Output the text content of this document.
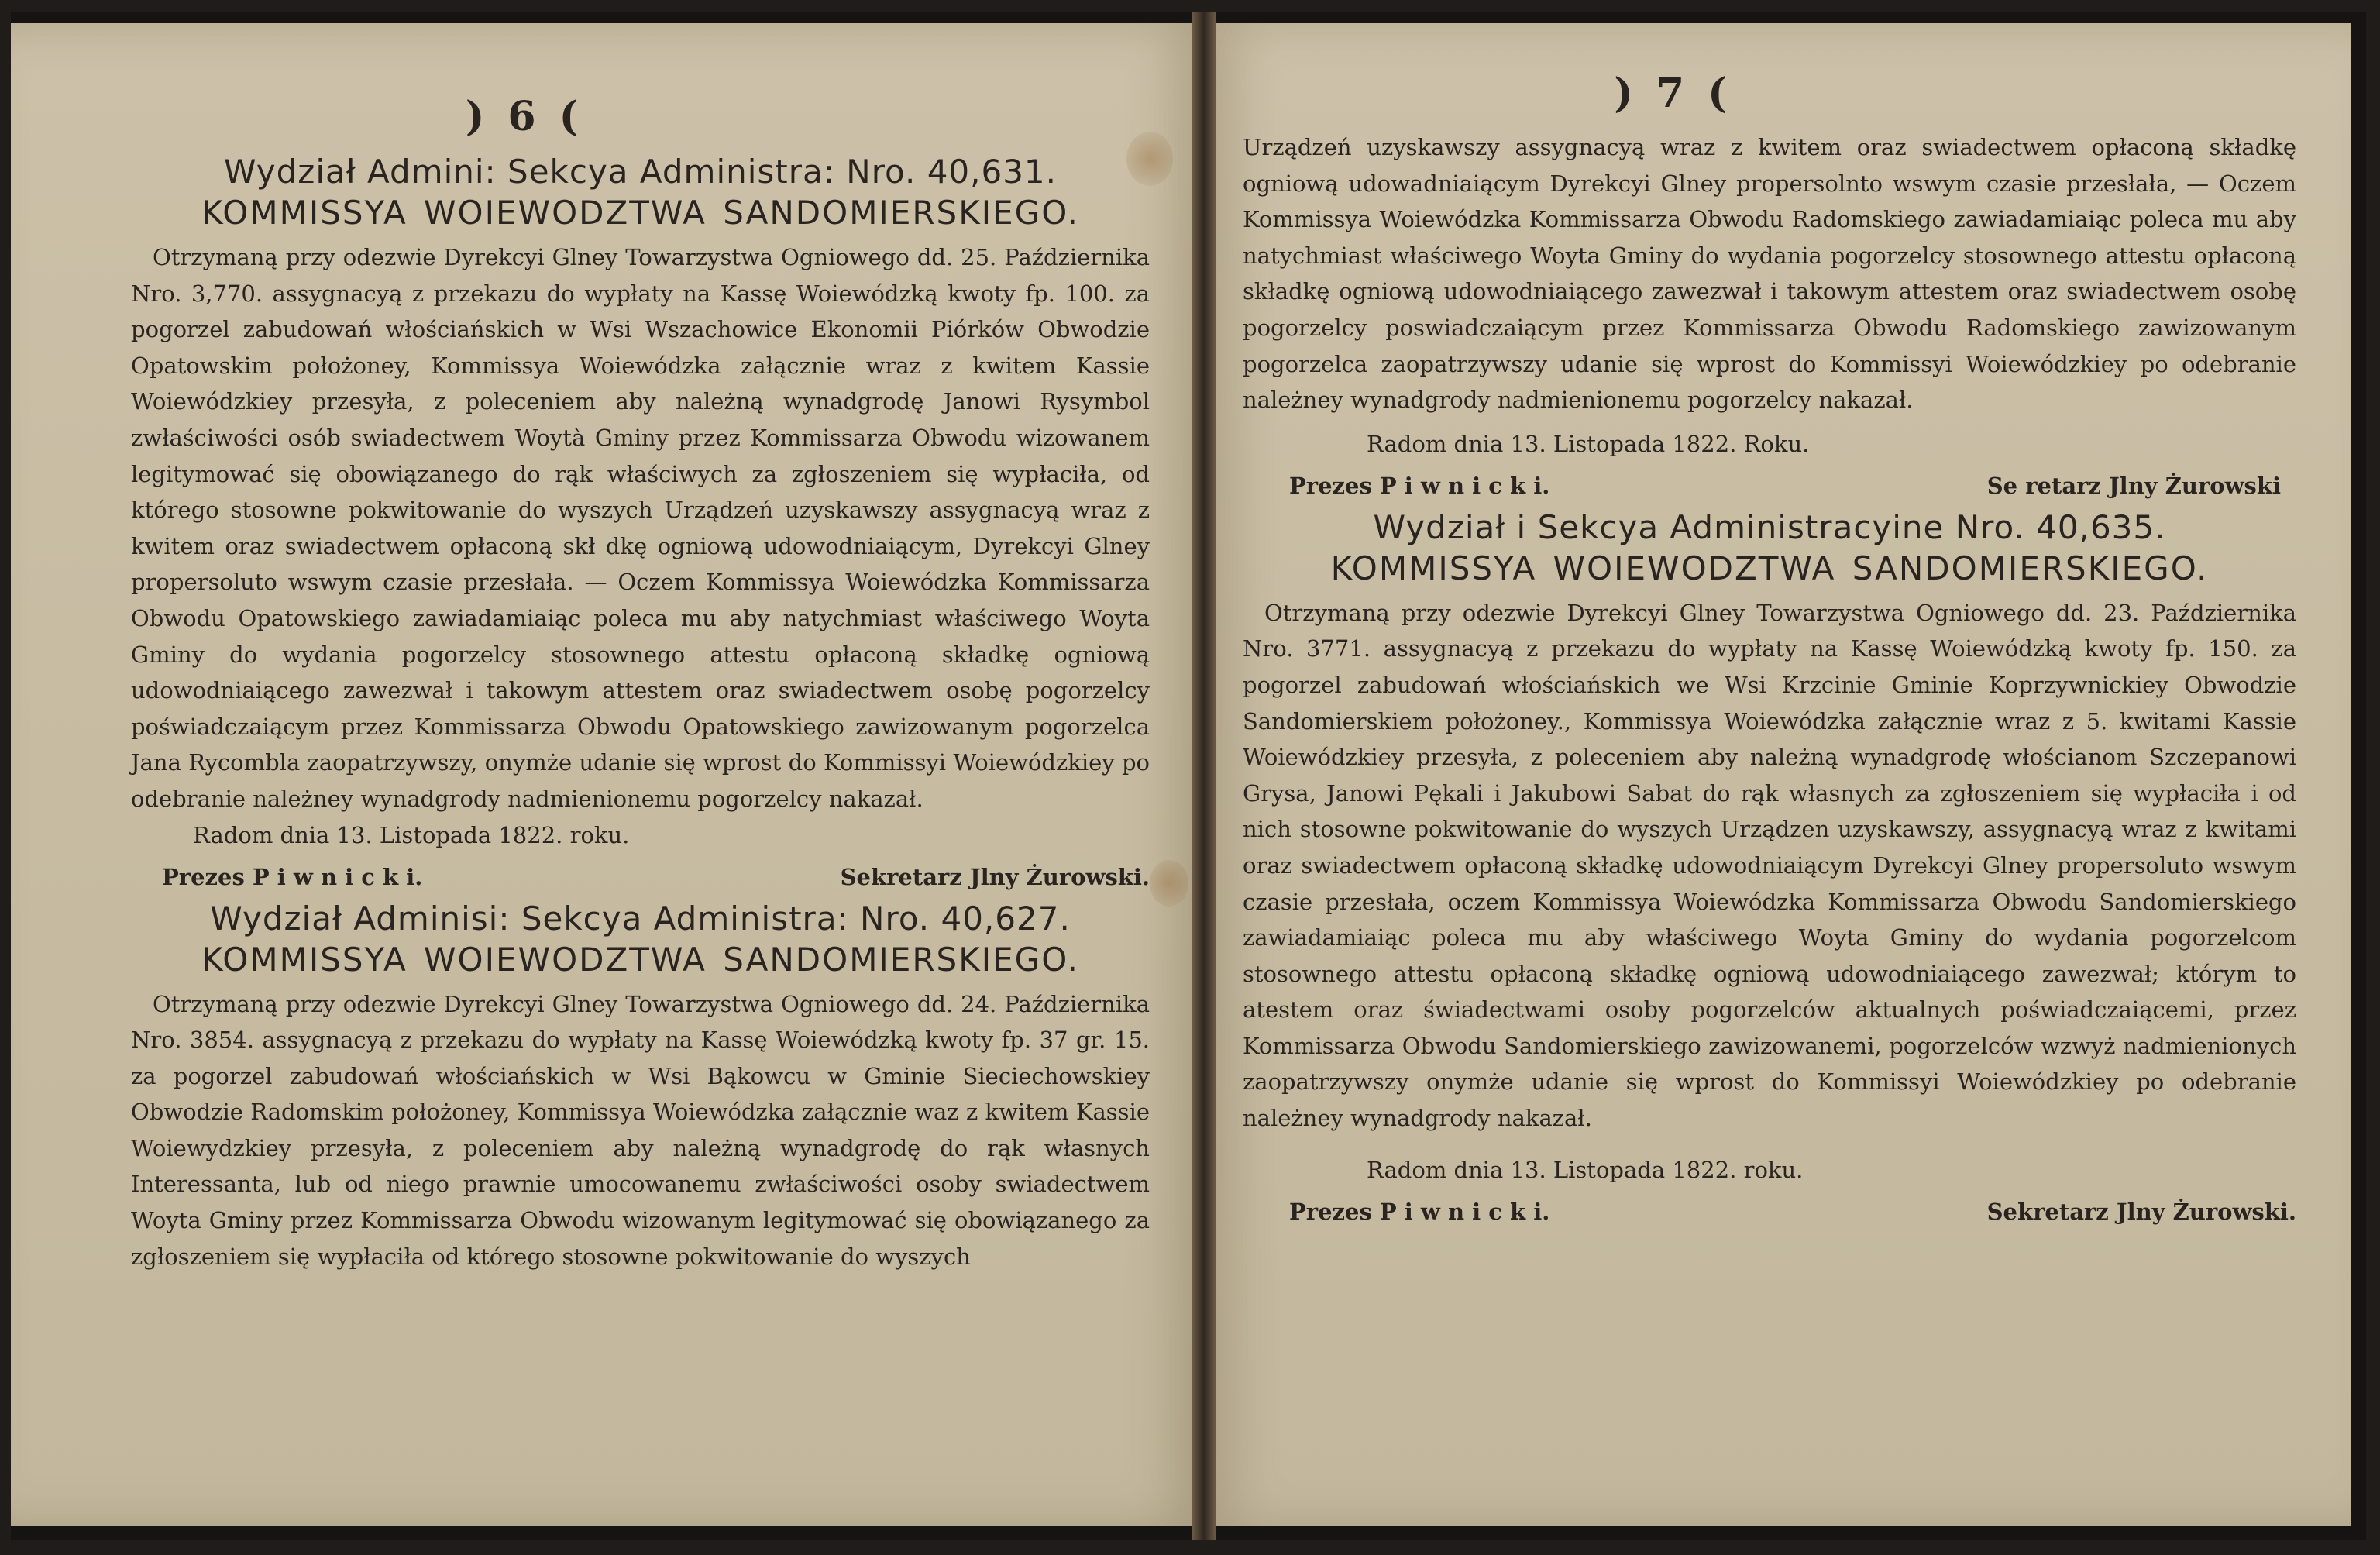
) 6 (
Wydział Admini: Sekcya Administra: Nro. 40,631.
KOMMISSYA WOIEWODZTWA SANDOMIERSKIEGO.
Otrzymaną przy odezwie Dyrekcyi Glney Towarzystwa Ogniowego dd. 25. Października Nro. 3,770. assygnacyą z przekazu do wypłaty na Kassę Woiewódzką kwoty fp. 100. za pogorzel zabudowań włościańskich w Wsi Wszachowice Ekonomii Piórków Obwodzie Opatowskim położoney, Kommissya Woiewódzka załącznie wraz z kwitem Kassie Woiewódzkiey przesyła, z poleceniem aby należną wynadgrodę Janowi Rysymbol zwłaściwości osób swiadectwem Woytà Gminy przez Kommissarza Obwodu wizowanem legitymować się obowiązanego do rąk właściwych za zgłoszeniem się wypłaciła, od którego stosowne pokwitowanie do wyszych Urządzeń uzyskawszy assygnacyą wraz z kwitem oraz swiadectwem opłaconą skł dkę ogniową udowodniaiącym, Dyrekcyi Glney propersoluto wswym czasie przesłała. — Oczem Kommissya Woiewódzka Kommissarza Obwodu Opatowskiego zawiadamiaiąc poleca mu aby natychmiast właściwego Woyta Gminy do wydania pogorzelcy stosownego attestu opłaconą składkę ogniową udowodniaiącego zawezwał i takowym attestem oraz swiadectwem osobę pogorzelcy poświadczaiącym przez Kommissarza Obwodu Opatowskiego zawizowanym pogorzelca Jana Rycombla zaopatrzywszy, onymże udanie się wprost do Kommissyi Woiewódzkiey po odebranie należney wynadgrody nadmienionemu pogorzelcy nakazał.
Radom dnia 13. Listopada 1822. roku.
Prezes P i w n i c k i.	Sekretarz Jlny Żurowski.
Wydział Adminisi: Sekcya Administra: Nro. 40,627.
KOMMISSYA WOIEWODZTWA SANDOMIERSKIEGO.
Otrzymaną przy odezwie Dyrekcyi Glney Towarzystwa Ogniowego dd. 24. Października Nro. 3854. assygnacyą z przekazu do wypłaty na Kassę Woiewódzką kwoty fp. 37 gr. 15. za pogorzel zabudowań włościańskich w Wsi Bąkowcu w Gminie Sieciechowskiey Obwodzie Radomskim położoney, Kommissya Woiewódzka załącznie waz z kwitem Kassie Woiewydzkiey przesyła, z poleceniem aby należną wynadgrodę do rąk własnych Interessanta, lub od niego prawnie umocowanemu zwłaściwości osoby swiadectwem Woyta Gminy przez Kommissarza Obwodu wizowanym legitymować się obowiązanego za zgłoszeniem się wypłaciła od którego stosowne pokwitowanie do wyszych
) 7 (
Urządzeń uzyskawszy assygnacyą wraz z kwitem oraz swiadectwem opłaconą składkę ogniową udowadniaiącym Dyrekcyi Glney propersolnto wswym czasie przesłała, — Oczem Kommissya Woiewódzka Kommissarza Obwodu Radomskiego zawiadamiaiąc poleca mu aby natychmiast właściwego Woyta Gminy do wydania pogorzelcy stosownego attestu opłaconą składkę ogniową udowodniaiącego zawezwał i takowym attestem oraz swiadectwem osobę pogorzelcy poswiadczaiącym przez Kommissarza Obwodu Radomskiego zawizowanym pogorzelca zaopatrzywszy udanie się wprost do Kommissyi Woiewódzkiey po odebranie należney wynadgrody nadmienionemu pogorzelcy nakazał.
Radom dnia 13. Listopada 1822. Roku.
Prezes P i w n i c k i.	Se retarz Jlny Żurowski
Wydział i Sekcya Administracyine Nro. 40,635.
KOMMISSYA WOIEWODZTWA SANDOMIERSKIEGO.
Otrzymaną przy odezwie Dyrekcyi Glney Towarzystwa Ogniowego dd. 23. Października Nro. 3771. assygnacyą z przekazu do wypłaty na Kassę Woiewódzką kwoty fp. 150. za pogorzel zabudowań włościańskich we Wsi Krzcinie Gminie Koprzywnickiey Obwodzie Sandomierskiem położoney., Kommissya Woiewódzka załącznie wraz z 5. kwitami Kassie Woiewódzkiey przesyła, z poleceniem aby należną wynadgrodę włościanom Szczepanowi Grysa, Janowi Pękali i Jakubowi Sabat do rąk własnych za zgłoszeniem się wypłaciła i od nich stosowne pokwitowanie do wyszych Urządzen uzyskawszy, assygnacyą wraz z kwitami oraz swiadectwem opłaconą składkę udowodniaiącym Dyrekcyi Glney propersoluto wswym czasie przesłała, oczem Kommissya Woiewódzka Kommissarza Obwodu Sandomierskiego zawiadamiaiąc poleca mu aby właściwego Woyta Gminy do wydania pogorzelcom stosownego attestu opłaconą składkę ogniową udowodniaiącego zawezwał; którym to atestem oraz świadectwami osoby pogorzelców aktualnych poświadczaiącemi, przez Kommissarza Obwodu Sandomierskiego zawizowanemi, pogorzelców wzwyż nadmienionych zaopatrzywszy onymże udanie się wprost do Kommissyi Woiewódzkiey po odebranie należney wynadgrody nakazał.
Radom dnia 13. Listopada 1822. roku.
Prezes P i w n i c k i.	Sekretarz Jlny Żurowski.
